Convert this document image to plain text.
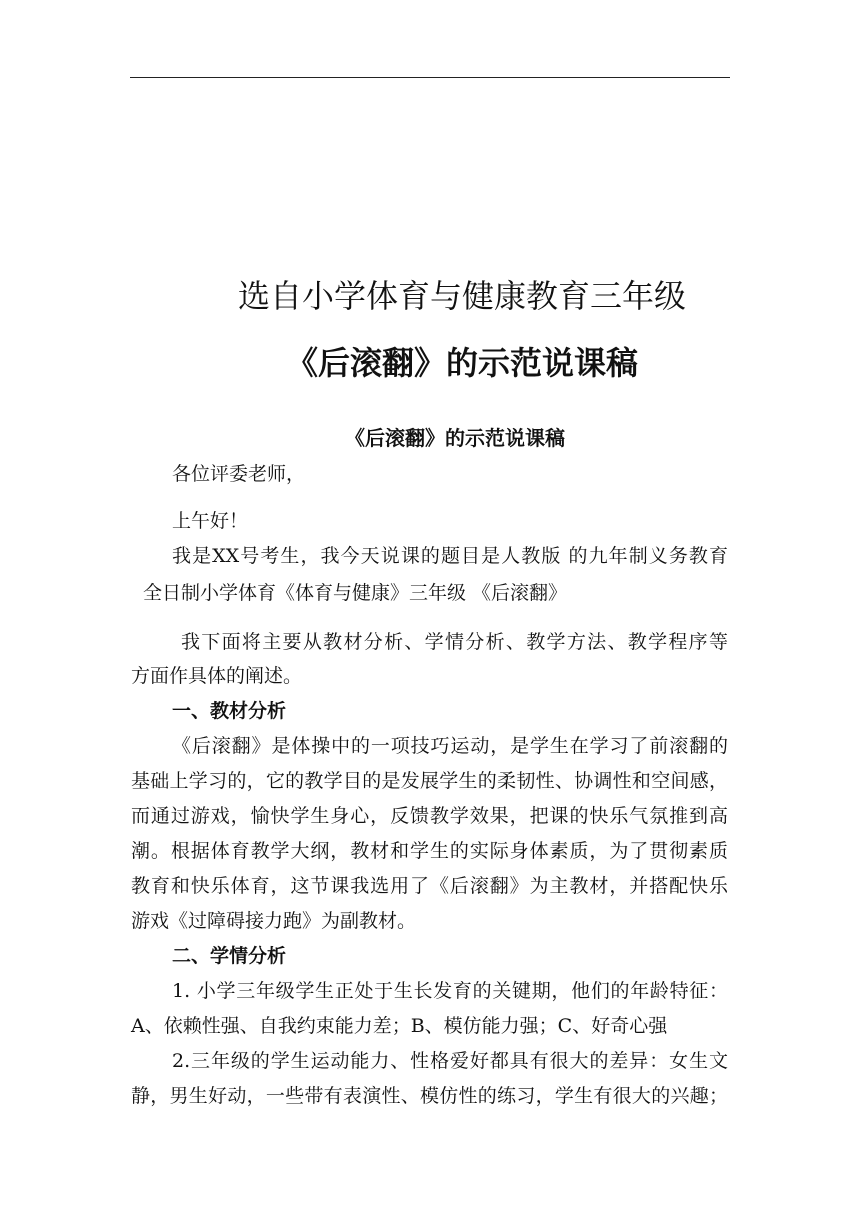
选自小学体育与健康教育三年级
《后滚翻》的示范说课稿
《后滚翻》的示范说课稿
各位评委老师，
上午好！
我是XX号考生，我今天说课的题目是人教版 的九年制义务教育
全日制小学体育《体育与健康》三年级 《后滚翻》
我下面将主要从教材分析、学情分析、教学方法、教学程序等
方面作具体的阐述。
一、教材分析
《后滚翻》是体操中的一项技巧运动，是学生在学习了前滚翻的
基础上学习的，它的教学目的是发展学生的柔韧性、协调性和空间感，
而通过游戏，愉快学生身心，反馈教学效果，把课的快乐气氛推到高
潮。根据体育教学大纲，教材和学生的实际身体素质，为了贯彻素质
教育和快乐体育，这节课我选用了《后滚翻》为主教材，并搭配快乐
游戏《过障碍接力跑》为副教材。
二、学情分析
1. 小学三年级学生正处于生长发育的关键期，他们的年龄特征：
A、依赖性强、自我约束能力差；B、模仿能力强；C、好奇心强
2.三年级的学生运动能力、性格爱好都具有很大的差异：女生文
静，男生好动，一些带有表演性、模仿性的练习，学生有很大的兴趣；
